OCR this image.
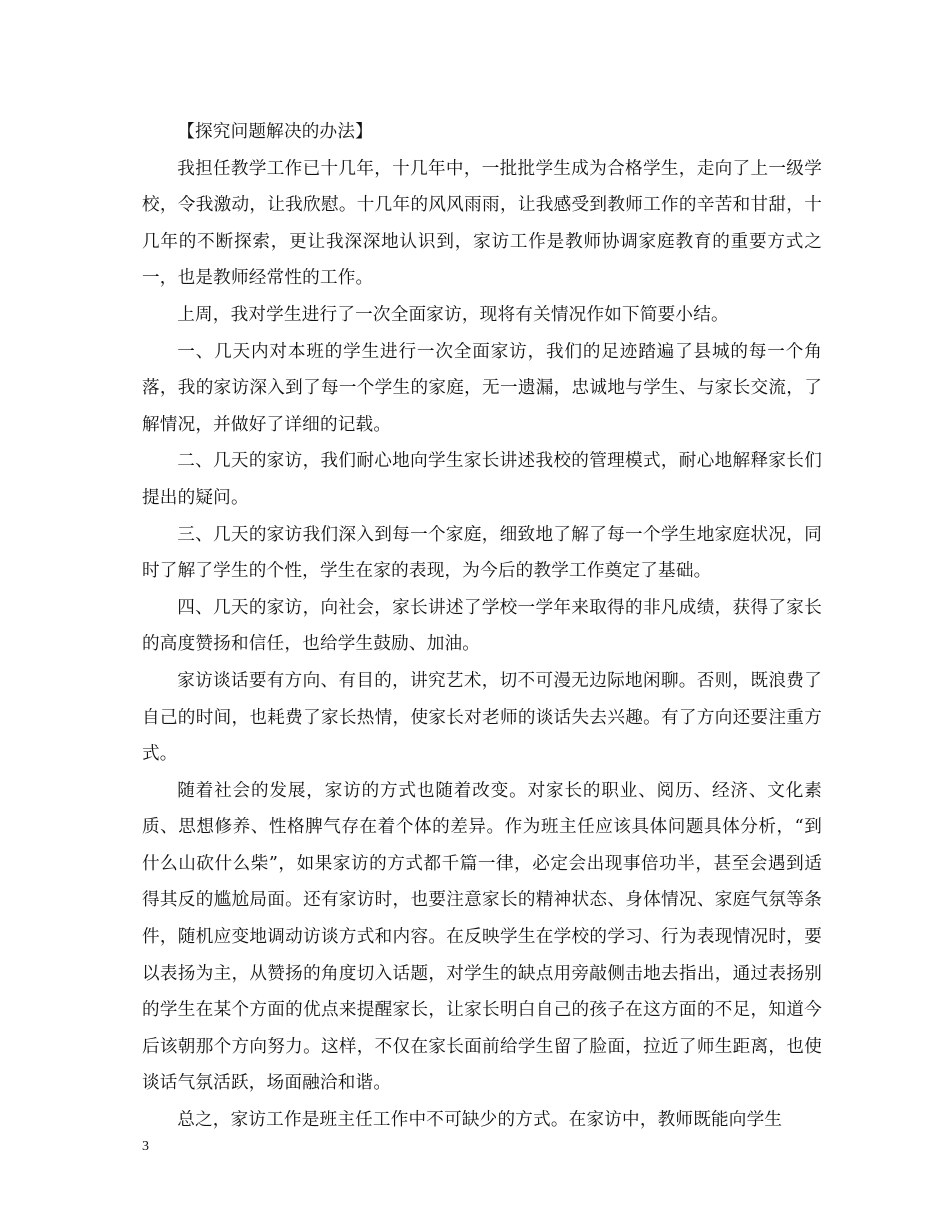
【探究问题解决的办法】

我担任教学工作已十几年，十几年中，一批批学生成为合格学生，走向了上一级学校，令我激动，让我欣慰。十几年的风风雨雨，让我感受到教师工作的辛苦和甘甜，十几年的不断探索，更让我深深地认识到，家访工作是教师协调家庭教育的重要方式之一，也是教师经常性的工作。

上周，我对学生进行了一次全面家访，现将有关情况作如下简要小结。

一、几天内对本班的学生进行一次全面家访，我们的足迹踏遍了县城的每一个角落，我的家访深入到了每一个学生的家庭，无一遗漏，忠诚地与学生、与家长交流，了解情况，并做好了详细的记载。

二、几天的家访，我们耐心地向学生家长讲述我校的管理模式，耐心地解释家长们提出的疑问。

三、几天的家访我们深入到每一个家庭，细致地了解了每一个学生地家庭状况，同时了解了学生的个性，学生在家的表现，为今后的教学工作奠定了基础。

四、几天的家访，向社会，家长讲述了学校一学年来取得的非凡成绩，获得了家长的高度赞扬和信任，也给学生鼓励、加油。

家访谈话要有方向、有目的，讲究艺术，切不可漫无边际地闲聊。否则，既浪费了自己的时间，也耗费了家长热情，使家长对老师的谈话失去兴趣。有了方向还要注重方式。

随着社会的发展，家访的方式也随着改变。对家长的职业、阅历、经济、文化素质、思想修养、性格脾气存在着个体的差异。作为班主任应该具体问题具体分析，“到什么山砍什么柴”，如果家访的方式都千篇一律，必定会出现事倍功半，甚至会遇到适得其反的尴尬局面。还有家访时，也要注意家长的精神状态、身体情况、家庭气氛等条件，随机应变地调动访谈方式和内容。在反映学生在学校的学习、行为表现情况时，要以表扬为主，从赞扬的角度切入话题，对学生的缺点用旁敲侧击地去指出，通过表扬别的学生在某个方面的优点来提醒家长，让家长明白自己的孩子在这方面的不足，知道今后该朝那个方向努力。这样，不仅在家长面前给学生留了脸面，拉近了师生距离，也使谈话气氛活跃，场面融洽和谐。

总之，家访工作是班主任工作中不可缺少的方式。在家访中，教师既能向学生

3
